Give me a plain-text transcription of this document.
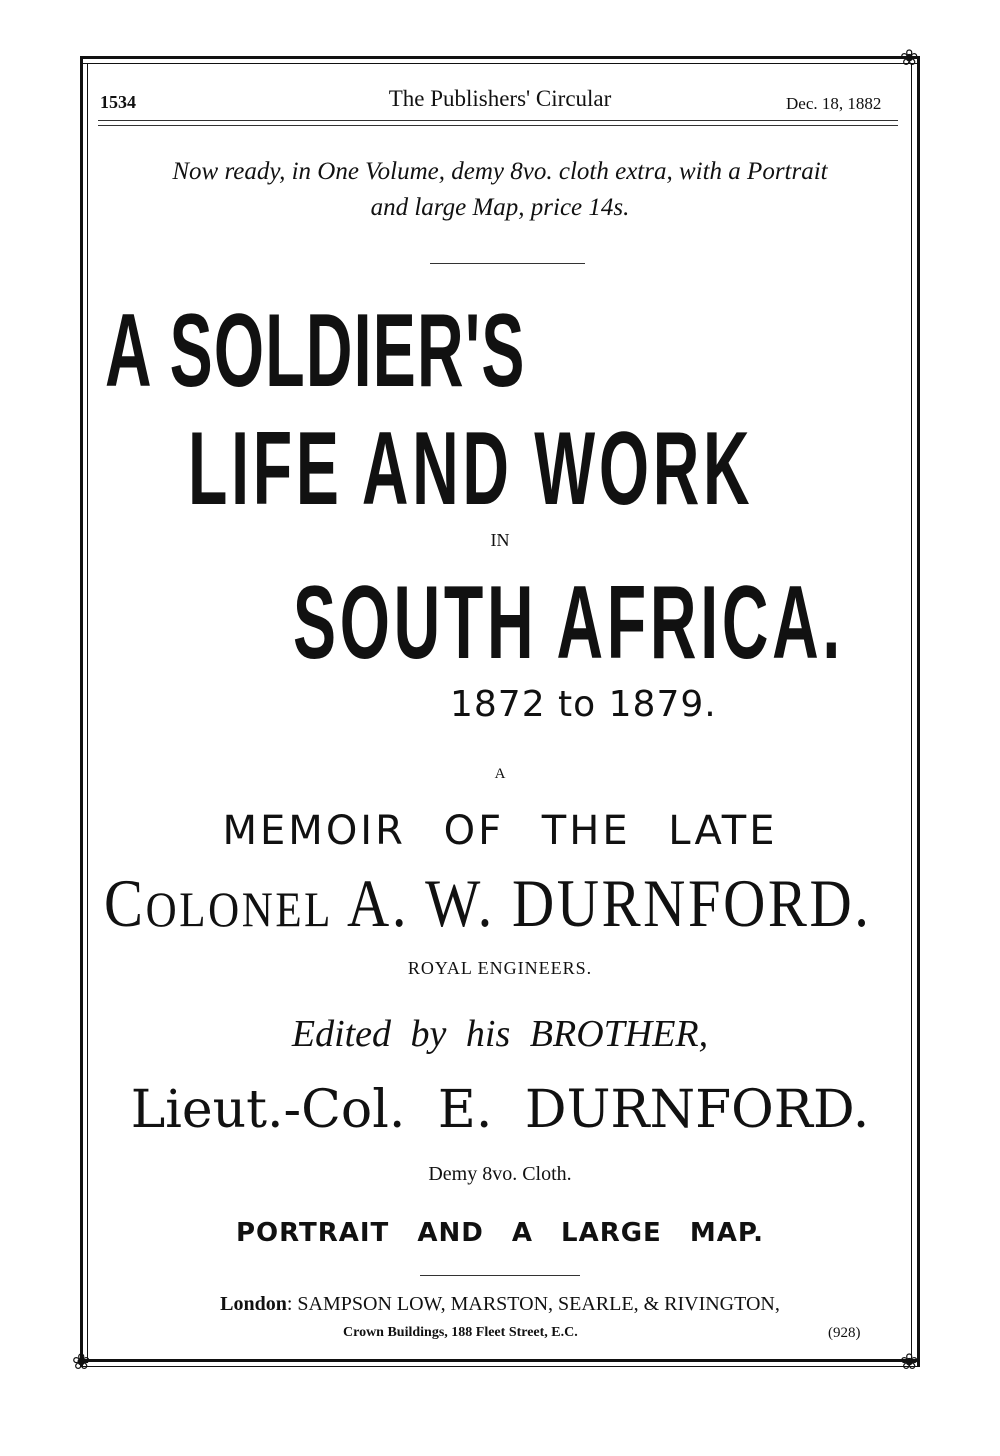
❀
❀	❀
1534	The Publishers' Circular	Dec. 18, 1882
Now ready, in One Volume, demy 8vo. cloth extra, with a Portrait
and large Map, price 14s.
A SOLDIER'S
LIFE AND WORK
IN
SOUTH AFRICA.
1872 to 1879.
A
MEMOIR OF THE LATE
COLONEL A. W. DURNFORD.
ROYAL ENGINEERS.
Edited by his BROTHER,
Lieut.-Col. E. DURNFORD.
Demy 8vo. Cloth.
PORTRAIT AND A LARGE MAP.
London: SAMPSON LOW, MARSTON, SEARLE, & RIVINGTON,
Crown Buildings, 188 Fleet Street, E.C.	(928)
